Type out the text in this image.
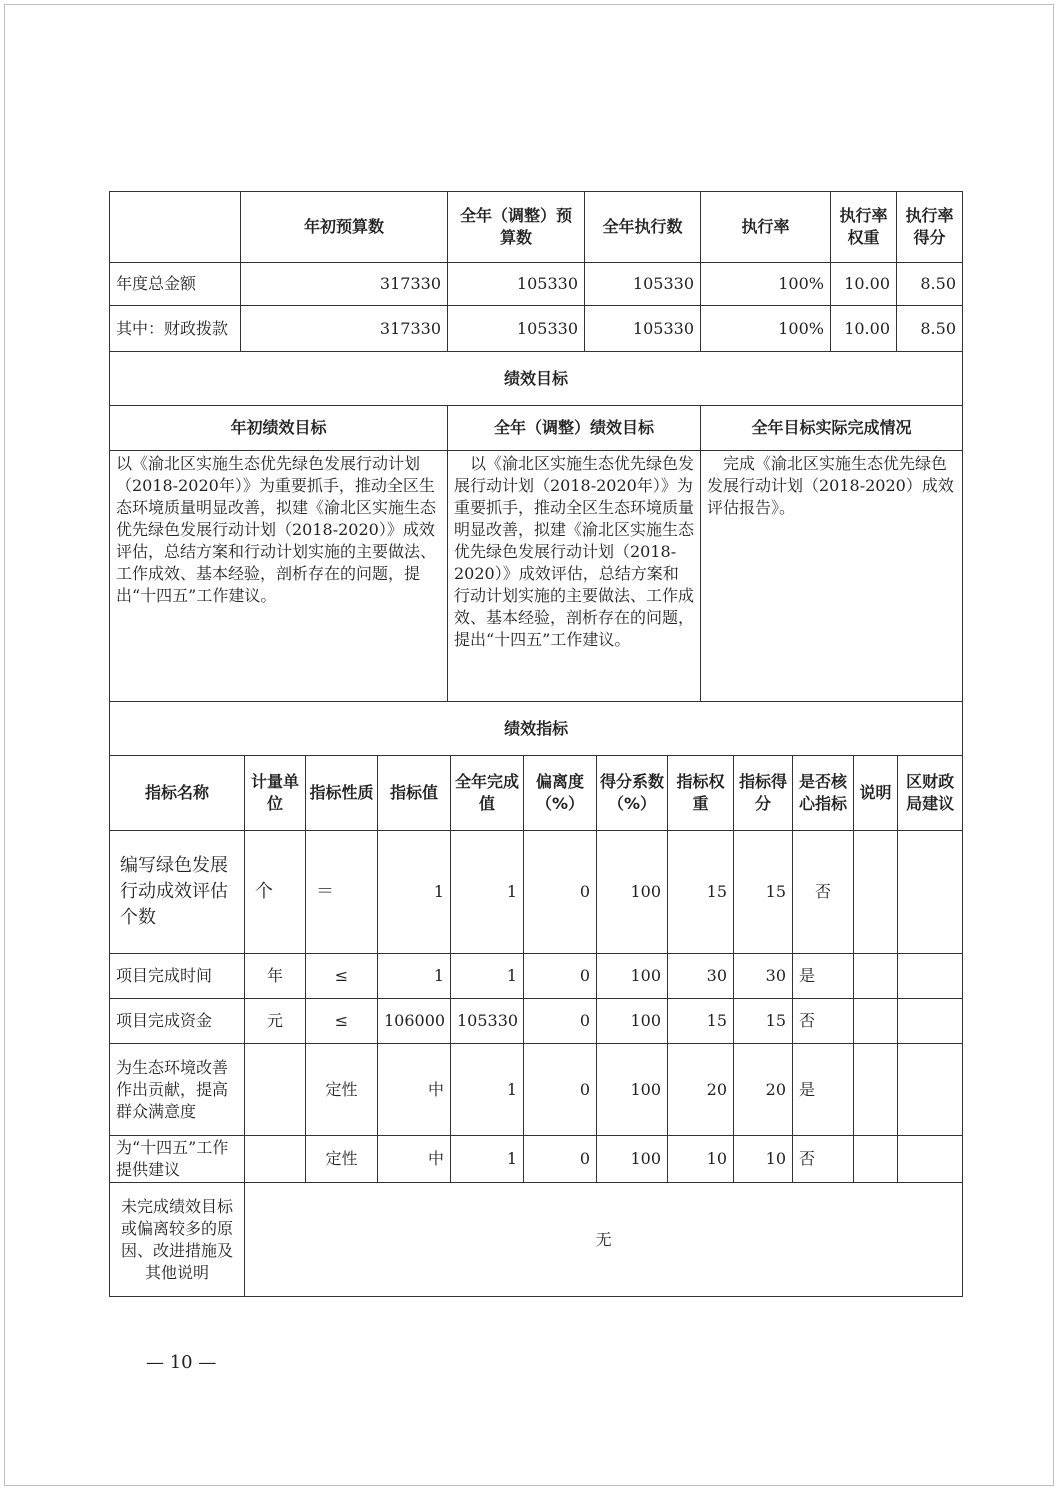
	年初预算数	全年（调整）预算数	全年执行数	执行率	执行率权重	执行率得分
年度总金额	317330	105330	105330	100%	10.00	8.50
其中：财政拨款	317330	105330	105330	100%	10.00	8.50
绩效目标		
年初绩效目标	全年（调整）绩效目标	全年目标实际完成情况
以《渝北区实施生态优先绿色发展行动计划（2018-2020年）》为重要抓手，推动全区生态环境质量明显改善，拟建《渝北区实施生态优先绿色发展行动计划（2018-2020）》成效评估，总结方案和行动计划实施的主要做法、工作成效、基本经验，剖析存在的问题，提出“十四五”工作建议。	以《渝北区实施生态优先绿色发展行动计划（2018-2020年）》为重要抓手，推动全区生态环境质量明显改善，拟建《渝北区实施生态优先绿色发展行动计划（2018-2020）》成效评估，总结方案和行动计划实施的主要做法、工作成效、基本经验，剖析存在的问题，提出“十四五”工作建议。	完成《渝北区实施生态优先绿色发展行动计划（2018-2020）成效评估报告》。
绩效指标											
指标名称	计量单位	指标性质	指标值	全年完成值	偏离度（%）	得分系数（%）	指标权重	指标得分	是否核心指标	说明	区财政局建议
编写绿色发展行动成效评估个数	个	＝	1	1	0	100	15	15	否		
项目完成时间	年	≤	1	1	0	100	30	30	是		
项目完成资金	元	≤	106000	105330	0	100	15	15	否		
为生态环境改善作出贡献，提高群众满意度		定性	中	1	0	100	20	20	是		
为“十四五”工作提供建议		定性	中	1	0	100	10	10	否		
未完成绩效目标或偏离较多的原因、改进措施及其他说明	无										
— 10 —
